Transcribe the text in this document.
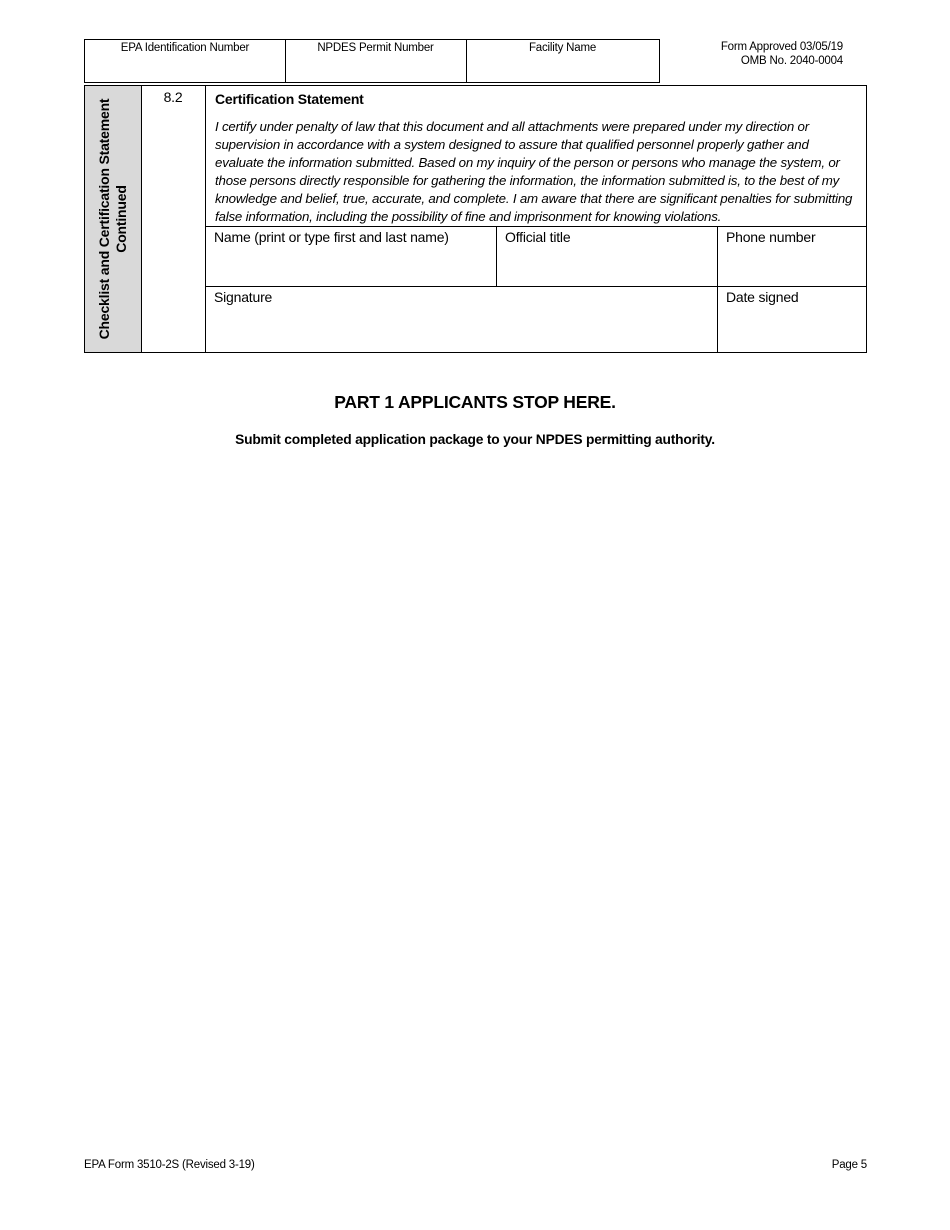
EPA Identification Number	NPDES Permit Number	Facility Name	Form Approved 03/05/19
OMB No. 2040-0004
Checklist and Certification Statement Continued
8.2	Certification Statement
I certify under penalty of law that this document and all attachments were prepared under my direction or supervision in accordance with a system designed to assure that qualified personnel properly gather and evaluate the information submitted. Based on my inquiry of the person or persons who manage the system, or those persons directly responsible for gathering the information, the information submitted is, to the best of my knowledge and belief, true, accurate, and complete. I am aware that there are significant penalties for submitting false information, including the possibility of fine and imprisonment for knowing violations.
Name (print or type first and last name)	Official title	Phone number
Signature	Date signed
PART 1 APPLICANTS STOP HERE.
Submit completed application package to your NPDES permitting authority.
EPA Form 3510-2S (Revised 3-19)	Page 5
